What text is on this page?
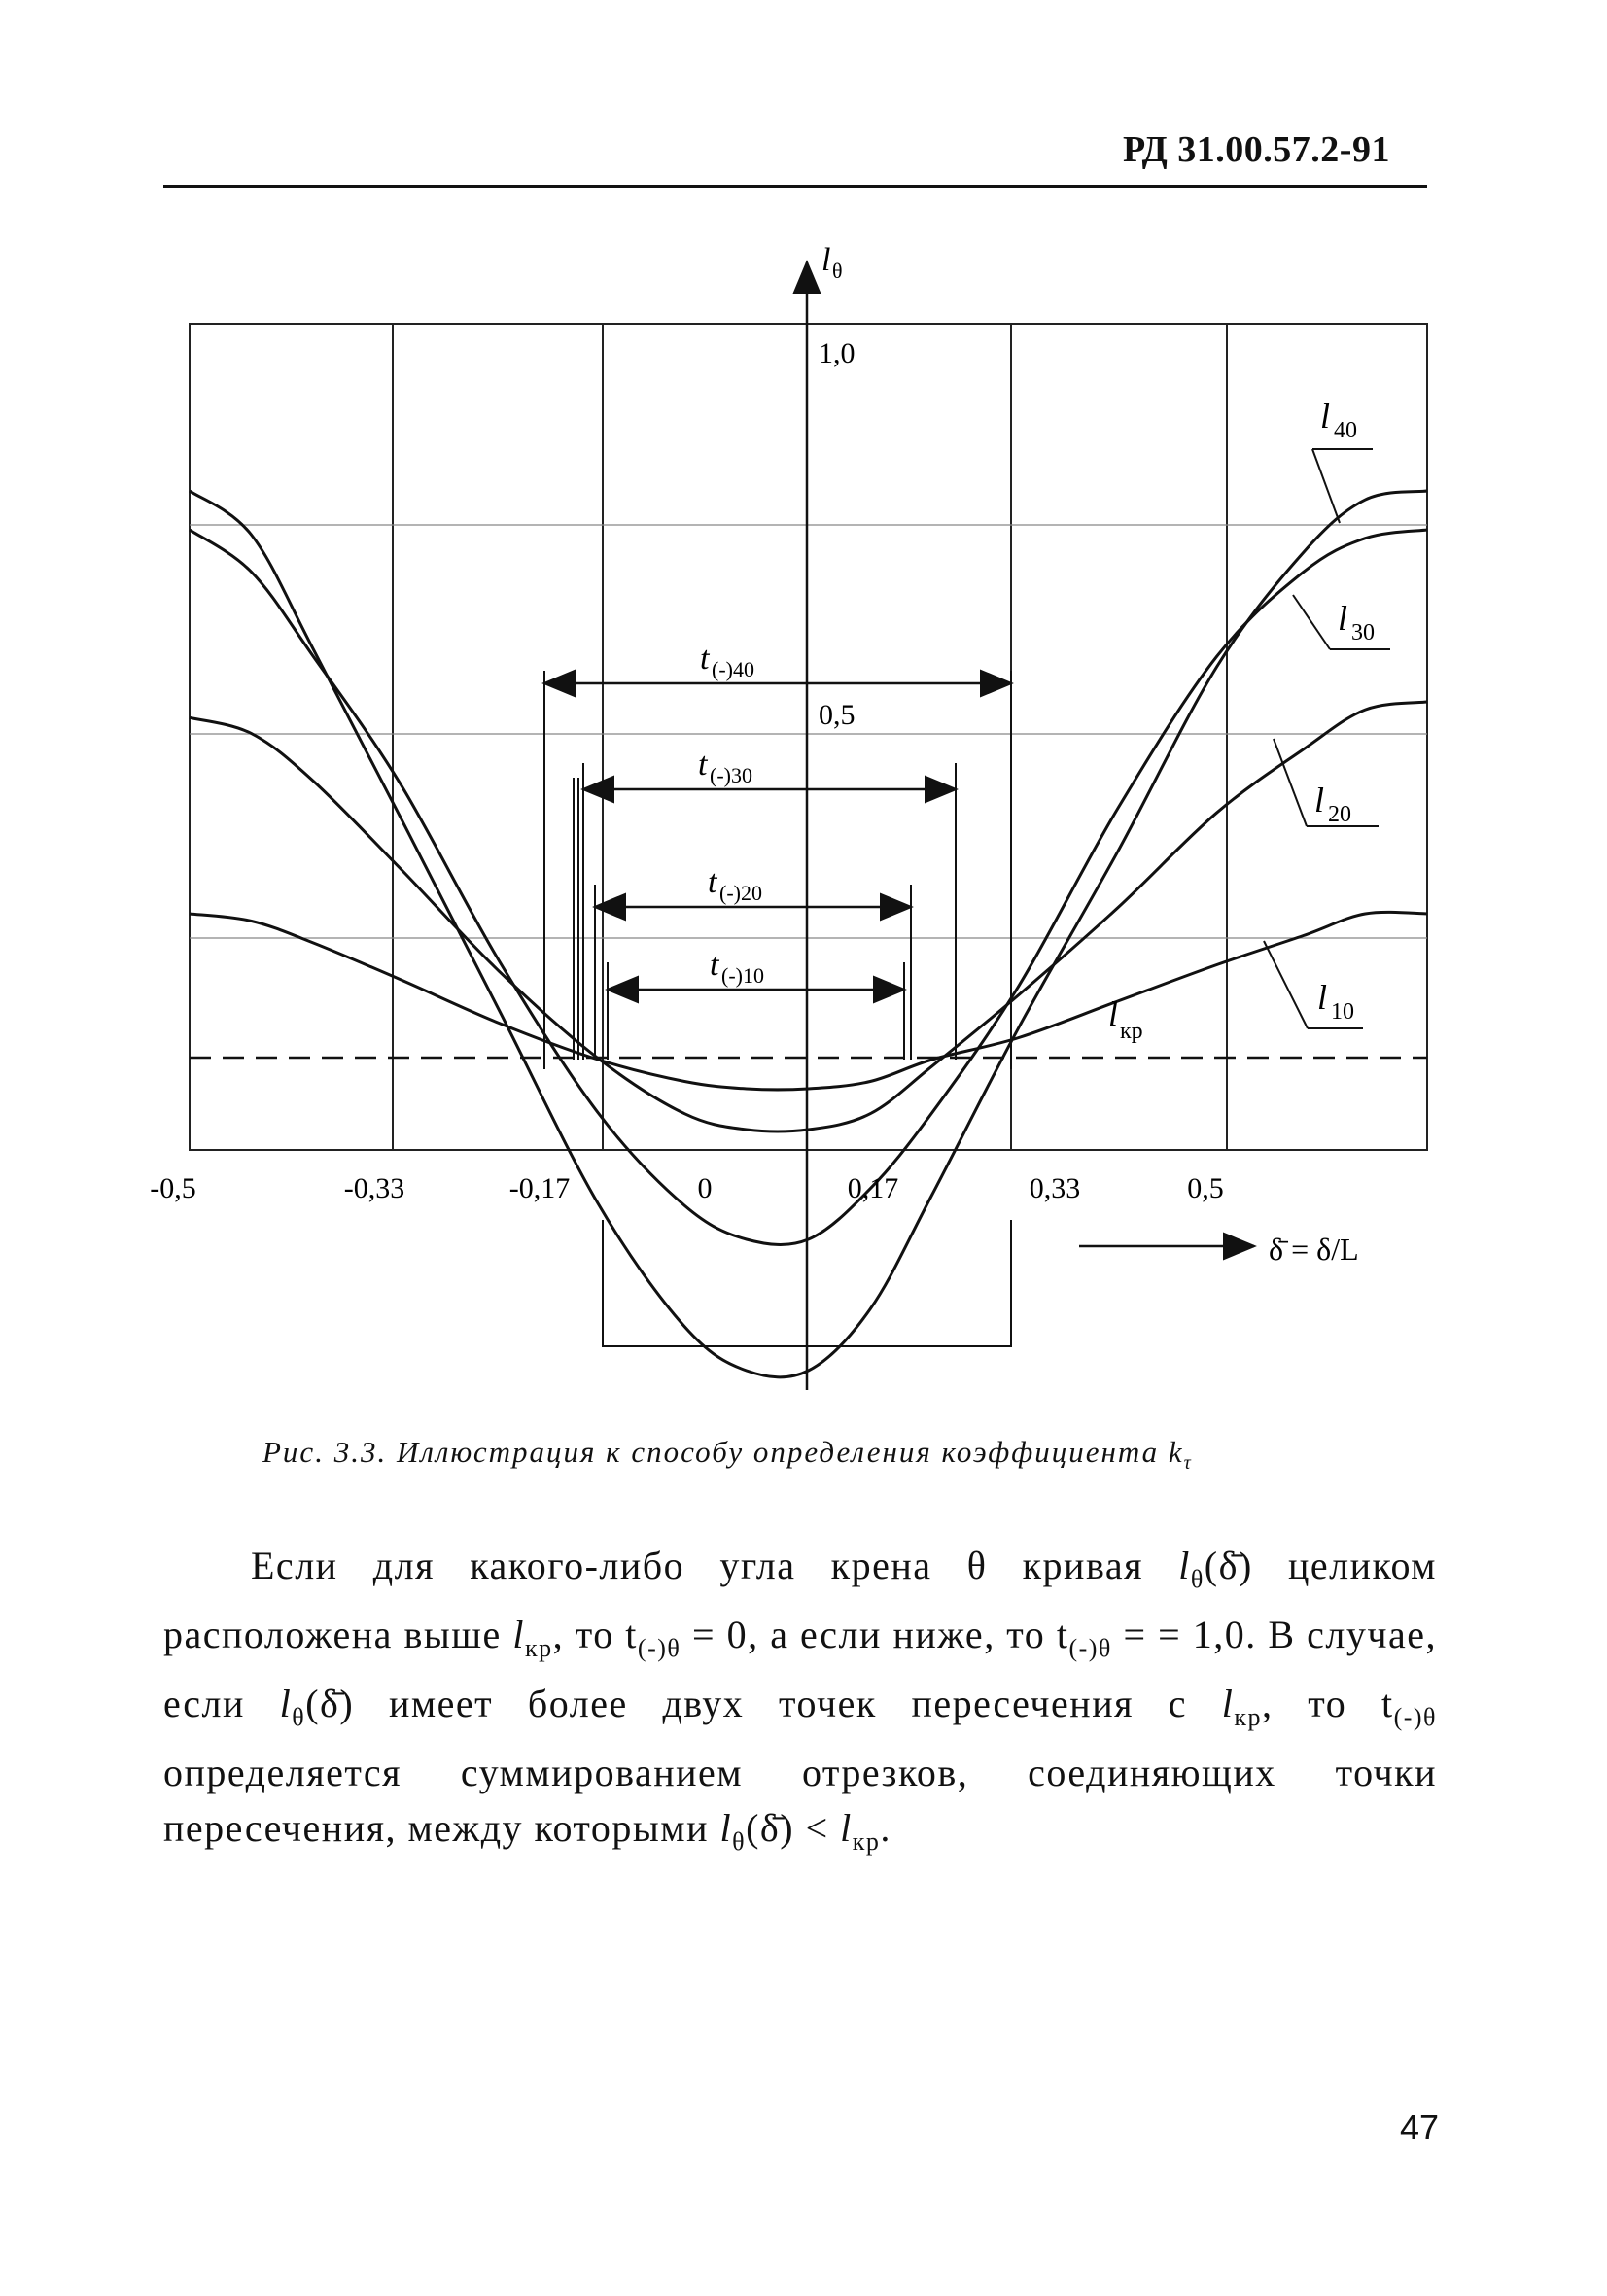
РД 31.00.57.2-91
-0,5	-0,33	-0,17	0	0,17	0,33	0,5
1,0
0,5
l θ
δ̄ = δ/L
l 40
l 30
l 20
l 10
l кр
t (-)40
t (-)30
t (-)20
t (-)10
Рис. 3.3. Иллюстрация к способу определения коэффициента $k_\tau$
Если для какого-либо угла крена θ кривая $l_\theta(\deltā)$ целиком расположена выше $l_{кр}$, то $t_{(-)\theta} = 0$, а если ниже, то $t_{(-)\theta}$ = = 1,0. В случае, если $l_\theta(\deltā)$ имеет более двух точек пересечения с $l_{кр}$, то $t_{(-)\theta}$ определяется суммированием отрезков, соединяющих точки пересечения, между которыми $l_\theta(\deltā) < l_{кр}$.
47
